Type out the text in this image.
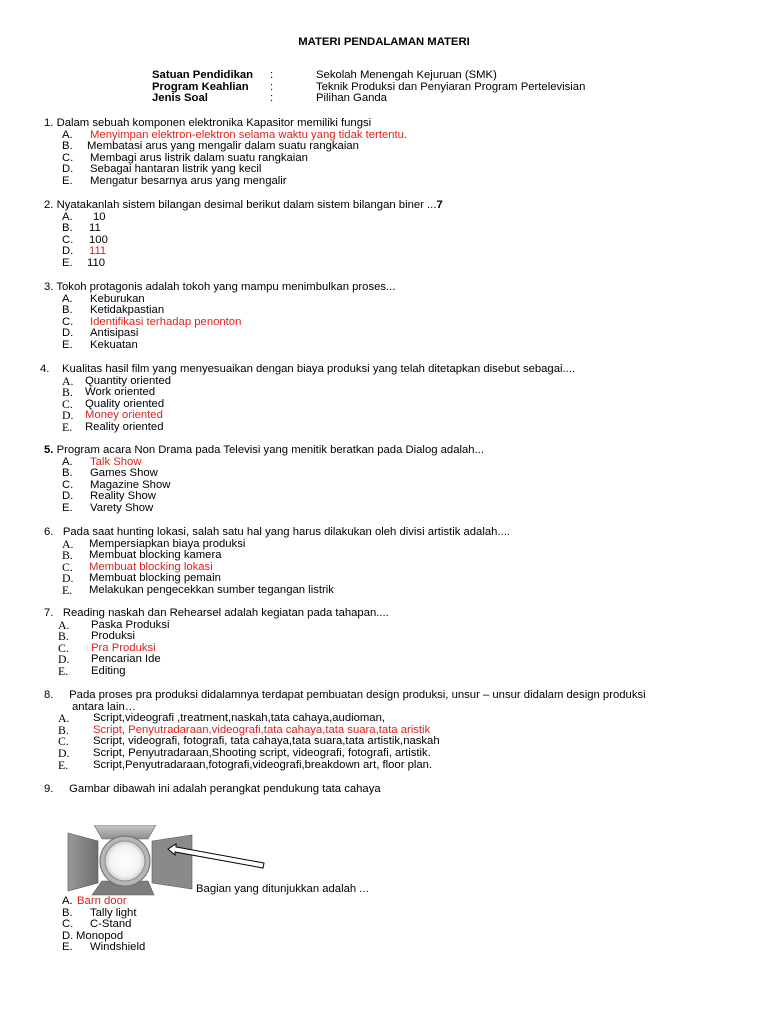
MATERI PENDALAMAN MATERI
Satuan Pendidikan :	Sekolah Menengah Kejuruan (SMK)
Program Keahlian :	Teknik Produksi dan Penyiaran Program Pertelevisian
Jenis Soal	:	Pilihan Ganda
1. Dalam sebuah komponen elektronika Kapasitor memiliki fungsi
A. Menyimpan elektron-elektron selama waktu yang tidak tertentu.
B. Membatasi arus yang mengalir dalam suatu rangkaian
C. Membagi arus listrik dalam suatu rangkaian
D. Sebagai hantaran listrik yang kecil
E. Mengatur besarnya arus yang mengalir
2. Nyatakanlah sistem bilangan desimal berikut dalam sistem bilangan biner ...7
A. 10
B. 11
C. 100
D. 111
E. 110
3. Tokoh protagonis adalah tokoh yang mampu menimbulkan proses...
A. Keburukan
B. Ketidakpastian
C. Identifikasi terhadap penonton
D. Antisipasi
E. Kekuatan
4. Kualitas hasil film yang menyesuaikan dengan biaya produksi yang telah ditetapkan disebut sebagai....
A. Quantity oriented
B. Work oriented
C. Quality oriented
D. Money oriented
E. Reality oriented
5. Program acara Non Drama pada Televisi yang menitik beratkan pada Dialog adalah...
A. Talk Show
B. Games Show
C. Magazine Show
D. Reality Show
E. Varety Show
6. Pada saat hunting lokasi, salah satu hal yang harus dilakukan oleh divisi artistik adalah....
A. Mempersiapkan biaya produksi
B. Membuat blocking kamera
C. Membuat blocking lokasi
D. Membuat blocking pemain
E. Melakukan pengecekkan sumber tegangan listrik
7. Reading naskah dan Rehearsel adalah kegiatan pada tahapan....
A. Paska Produksi
B. Produksi
C. Pra Produksi
D. Pencarian Ide
E. Editing
8. Pada proses pra produksi didalamnya terdapat pembuatan design produksi, unsur – unsur didalam design produksi
antara lain…
A. Script,videografi ,treatment,naskah,tata cahaya,audioman,
B. Script, Penyutradaraan,videografi,tata cahaya,tata suara,tata aristik
C. Script, videografi, fotografi, tata cahaya,tata suara,tata artistik,naskah
D. Script, Penyutradaraan,Shooting script, videografi, fotografi, artistik.
E. Script,Penyutradaraan,fotografi,videografi,breakdown art, floor plan.
9. Gambar dibawah ini adalah perangkat pendukung tata cahaya
Bagian yang ditunjukkan adalah ...
A. Barn door
B. Tally light
C. C-Stand
D. Monopod
E. Windshield
